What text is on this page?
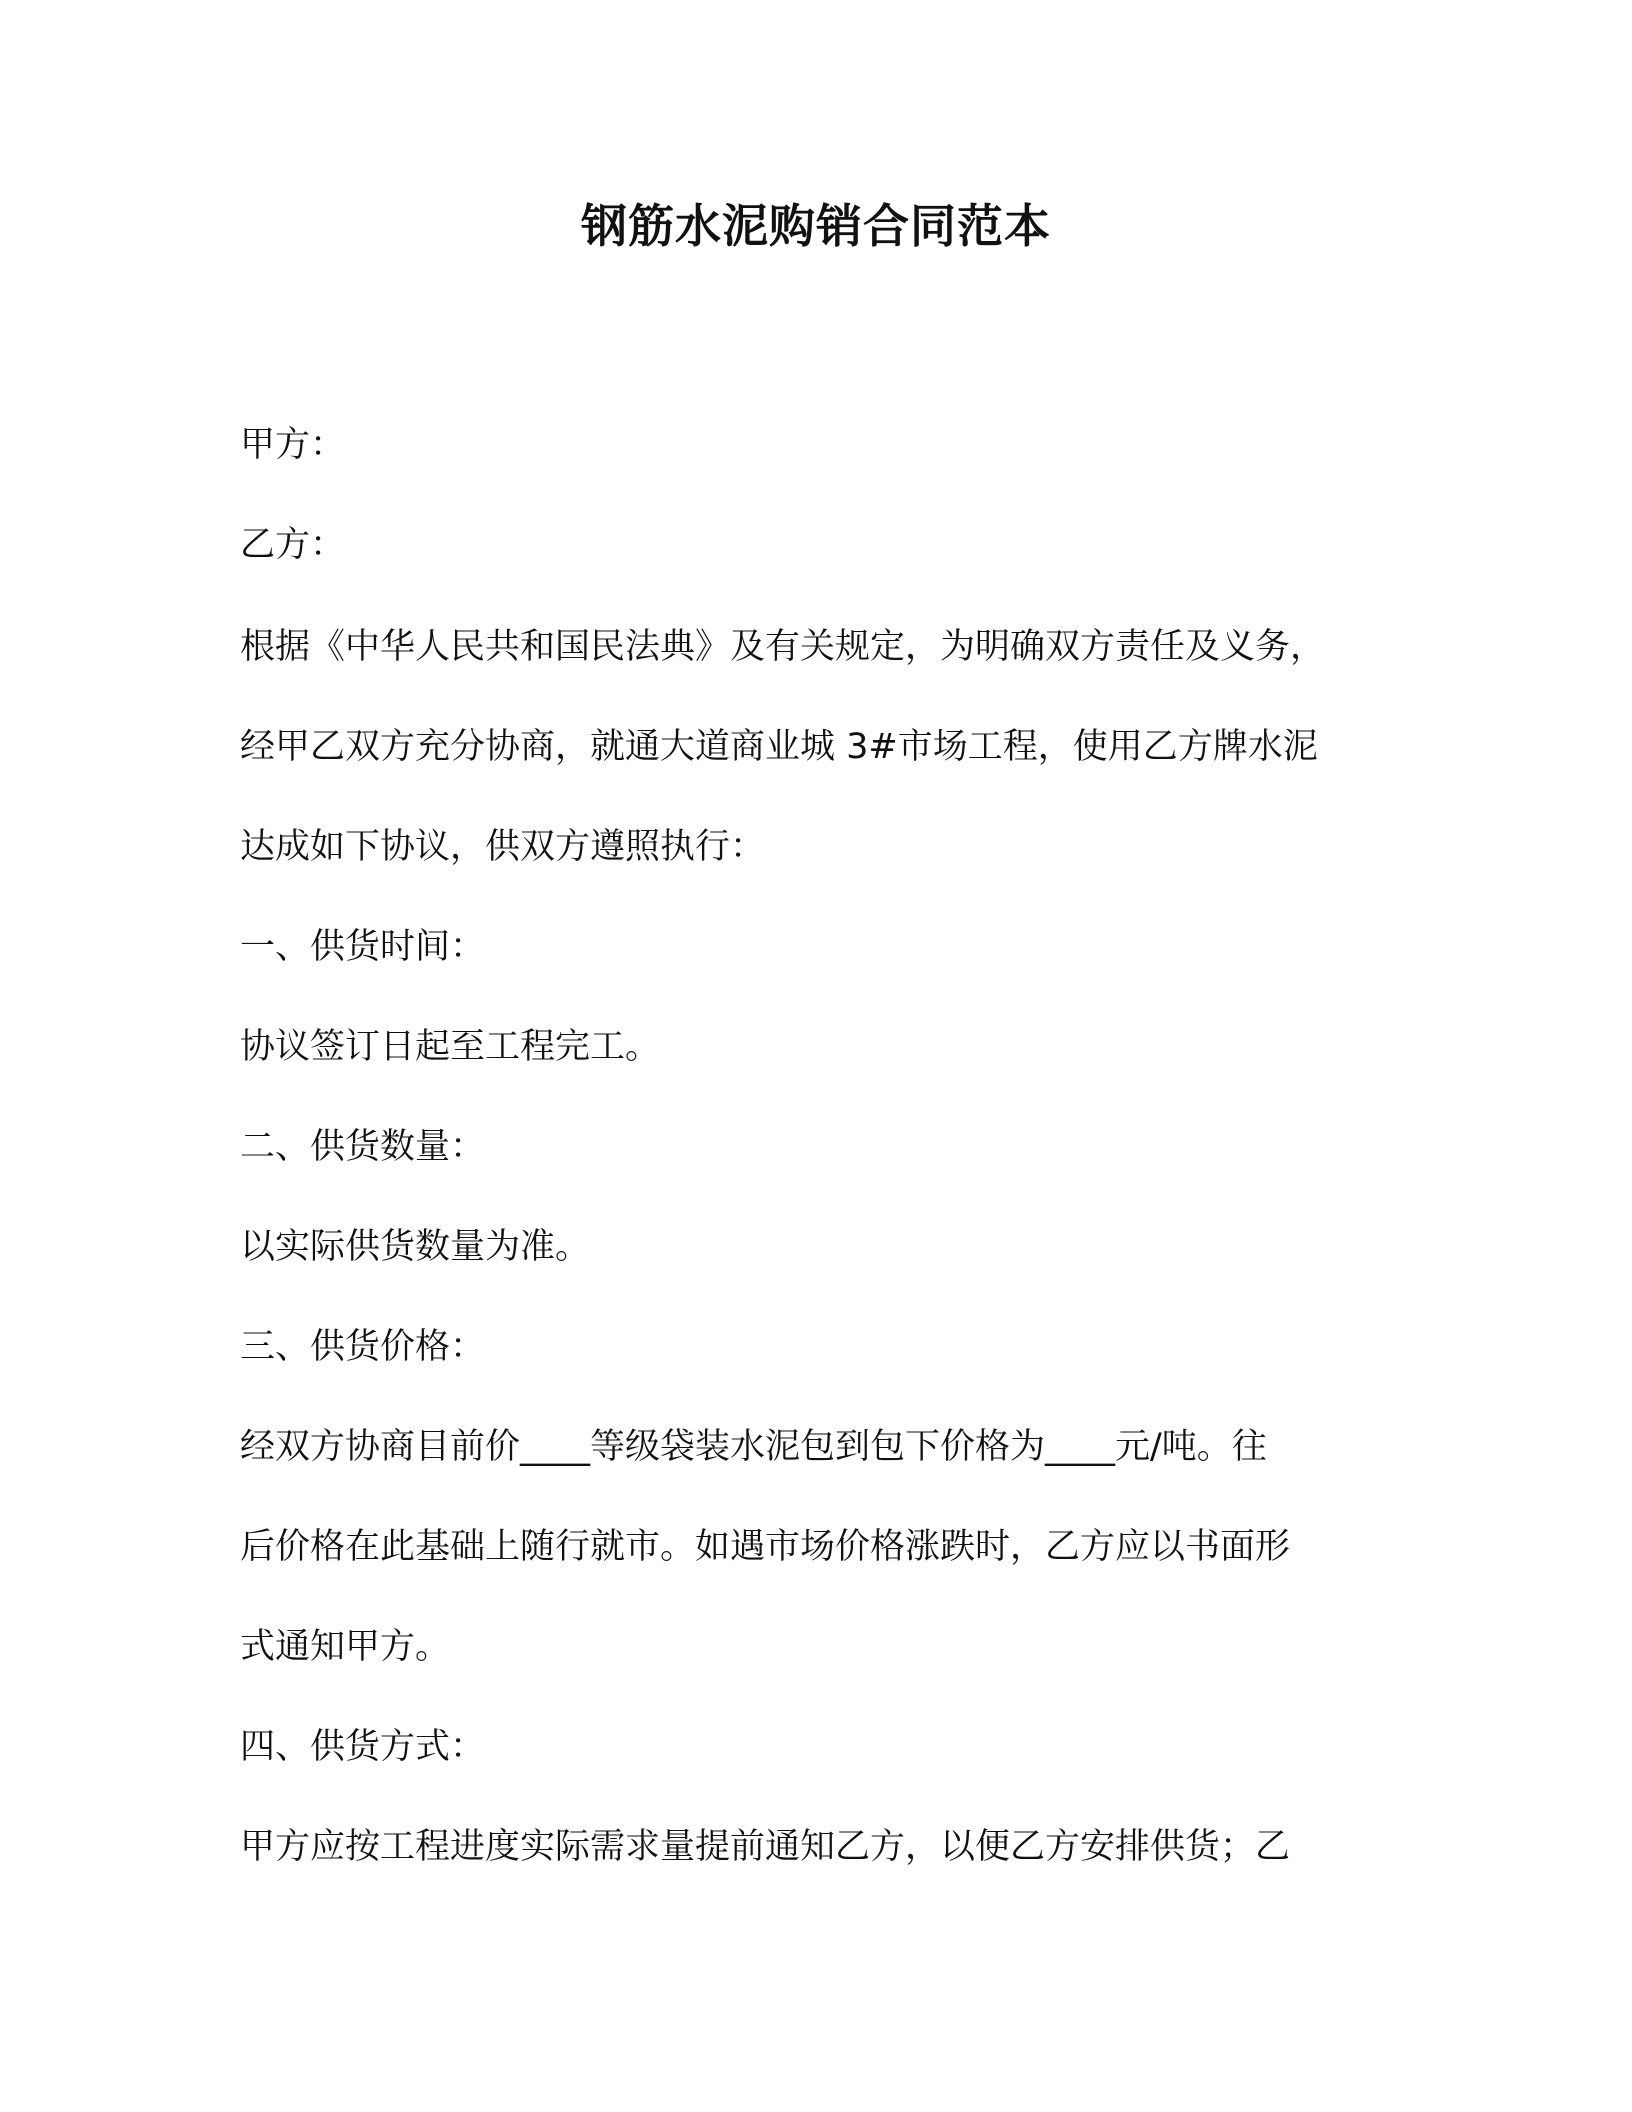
钢筋水泥购销合同范本

甲方：

乙方：

根据《中华人民共和国民法典》及有关规定，为明确双方责任及义务，

经甲乙双方充分协商，就通大道商业城 3#市场工程，使用乙方牌水泥

达成如下协议，供双方遵照执行：

一、供货时间：

协议签订日起至工程完工。

二、供货数量：

以实际供货数量为准。

三、供货价格：

经双方协商目前价____等级袋装水泥包到包下价格为____元/吨。往

后价格在此基础上随行就市。如遇市场价格涨跌时，乙方应以书面形

式通知甲方。

四、供货方式：

甲方应按工程进度实际需求量提前通知乙方，以便乙方安排供货；乙
